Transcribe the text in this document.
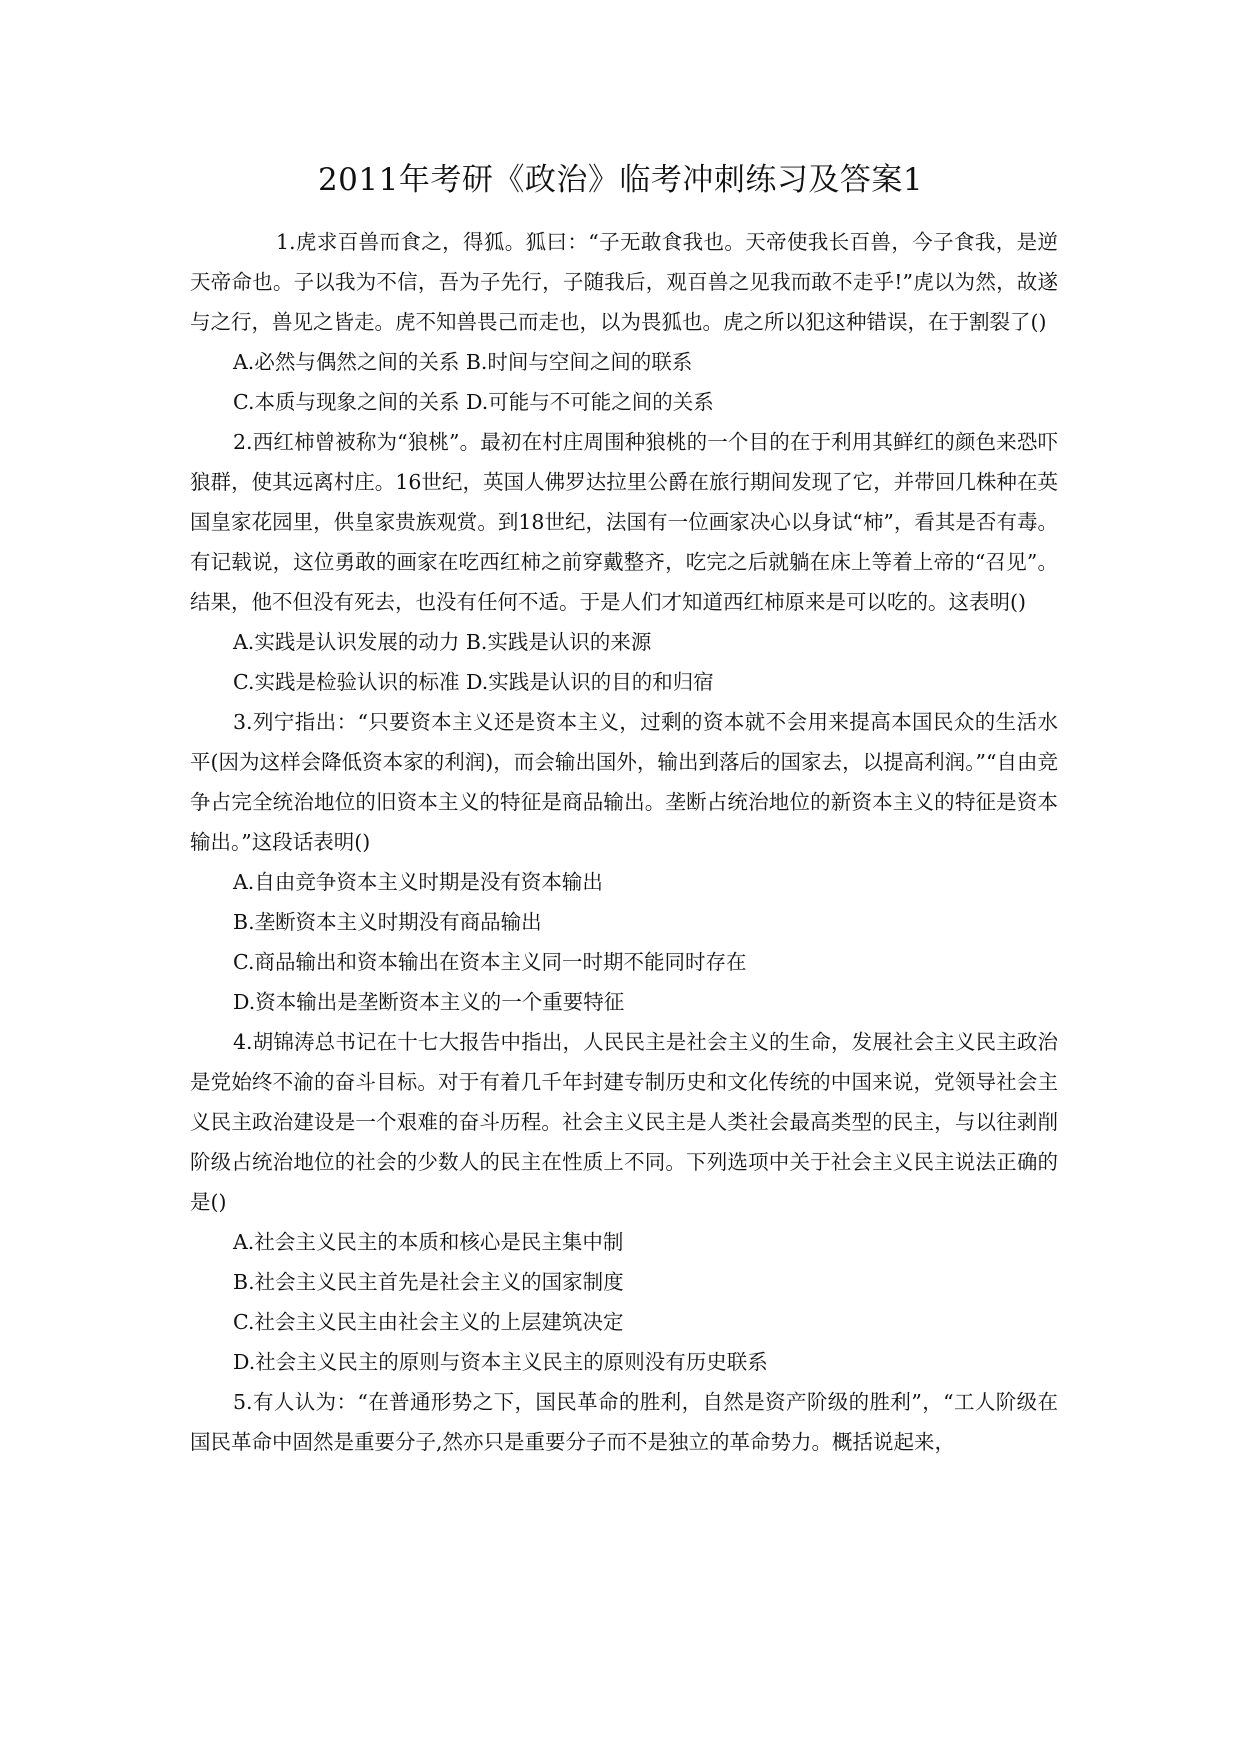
2011年考研《政治》临考冲刺练习及答案1

1.虎求百兽而食之，得狐。狐曰：“子无敢食我也。天帝使我长百兽，今子食我，是逆天帝命也。子以我为不信，吾为子先行，子随我后，观百兽之见我而敢不走乎!”虎以为然，故遂与之行，兽见之皆走。虎不知兽畏己而走也，以为畏狐也。虎之所以犯这种错误，在于割裂了()

A.必然与偶然之间的关系 B.时间与空间之间的联系

C.本质与现象之间的关系 D.可能与不可能之间的关系

2.西红柿曾被称为“狼桃”。最初在村庄周围种狼桃的一个目的在于利用其鲜红的颜色来恐吓狼群，使其远离村庄。16世纪，英国人佛罗达拉里公爵在旅行期间发现了它，并带回几株种在英国皇家花园里，供皇家贵族观赏。到18世纪，法国有一位画家决心以身试“柿”，看其是否有毒。有记载说，这位勇敢的画家在吃西红柿之前穿戴整齐，吃完之后就躺在床上等着上帝的“召见”。结果，他不但没有死去，也没有任何不适。于是人们才知道西红柿原来是可以吃的。这表明()

A.实践是认识发展的动力 B.实践是认识的来源

C.实践是检验认识的标准 D.实践是认识的目的和归宿

3.列宁指出：“只要资本主义还是资本主义，过剩的资本就不会用来提高本国民众的生活水平(因为这样会降低资本家的利润)，而会输出国外，输出到落后的国家去，以提高利润。”“自由竞争占完全统治地位的旧资本主义的特征是商品输出。垄断占统治地位的新资本主义的特征是资本输出。”这段话表明()

A.自由竞争资本主义时期是没有资本输出

B.垄断资本主义时期没有商品输出

C.商品输出和资本输出在资本主义同一时期不能同时存在

D.资本输出是垄断资本主义的一个重要特征

4.胡锦涛总书记在十七大报告中指出，人民民主是社会主义的生命，发展社会主义民主政治是党始终不渝的奋斗目标。对于有着几千年封建专制历史和文化传统的中国来说，党领导社会主义民主政治建设是一个艰难的奋斗历程。社会主义民主是人类社会最高类型的民主，与以往剥削阶级占统治地位的社会的少数人的民主在性质上不同。下列选项中关于社会主义民主说法正确的是()

A.社会主义民主的本质和核心是民主集中制

B.社会主义民主首先是社会主义的国家制度

C.社会主义民主由社会主义的上层建筑决定

D.社会主义民主的原则与资本主义民主的原则没有历史联系

5.有人认为：“在普通形势之下，国民革命的胜利，自然是资产阶级的胜利”，“工人阶级在国民革命中固然是重要分子,然亦只是重要分子而不是独立的革命势力。概括说起来，
